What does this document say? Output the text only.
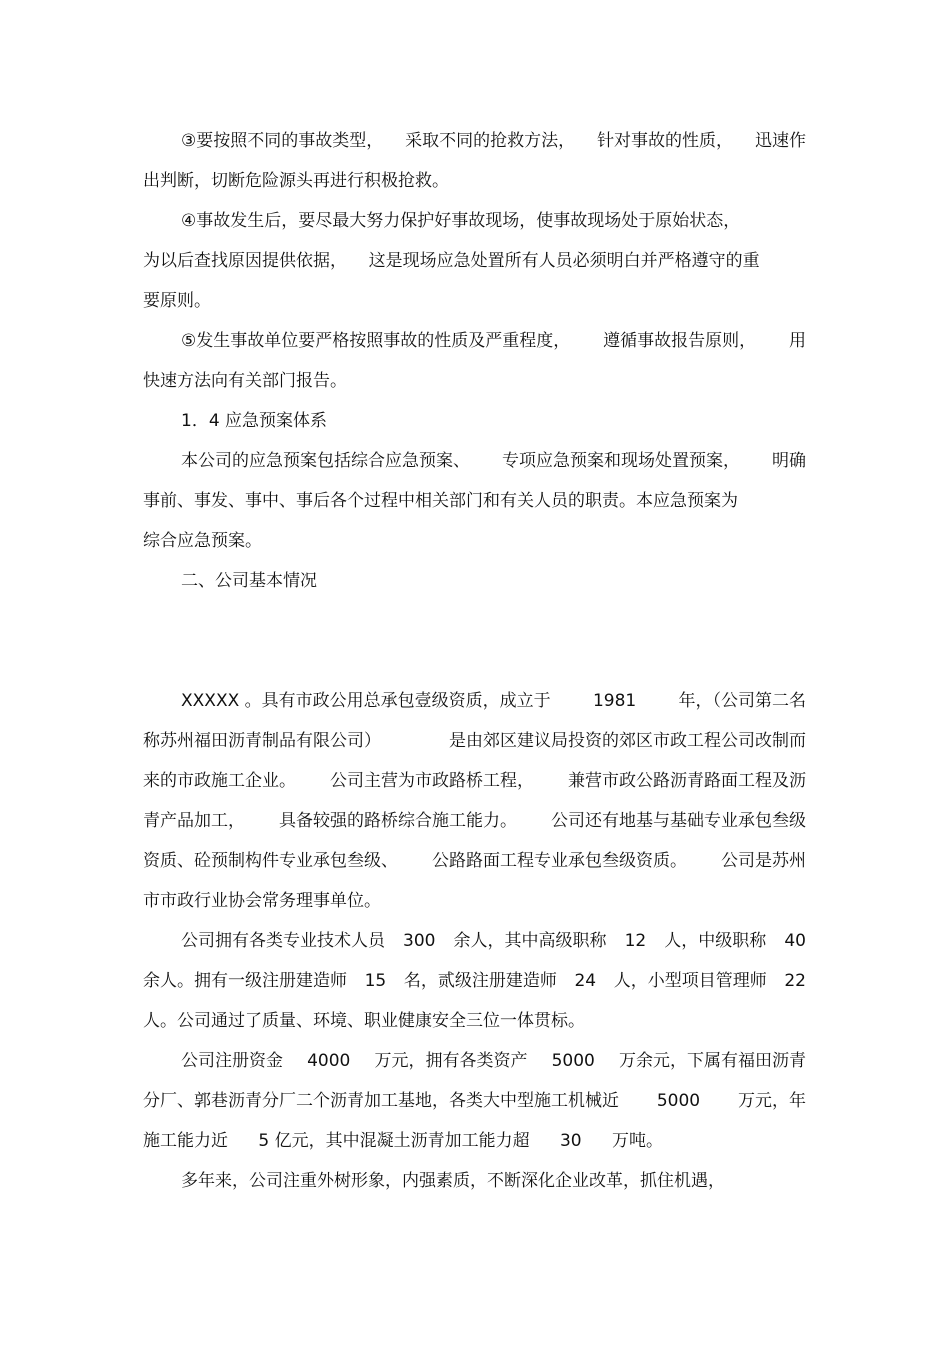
③要按照不同的事故类型， 采取不同的抢救方法， 针对事故的性质， 迅速作

出判断，切断危险源头再进行积极抢救。

④事故发生后，要尽最大努力保护好事故现场，使事故现场处于原始状态，

为以后查找原因提供依据，    这是现场应急处置所有人员必须明白并严格遵守的重

要原则。

⑤发生事故单位要严格按照事故的性质及严重程度， 遵循事故报告原则， 用

快速方法向有关部门报告。

1．4 应急预案体系

本公司的应急预案包括综合应急预案、 专项应急预案和现场处置预案， 明确

事前、事发、事中、事后各个过程中相关部门和有关人员的职责。本应急预案为

综合应急预案。

二、公司基本情况

XXXXX 。具有市政公用总承包壹级资质，成立于 1981 年，（公司第二名
称苏州福田沥青制品有限公司）	是由郊区建议局投资的郊区市政工程公司改制而
来的市政施工企业。 公司主营为市政路桥工程， 兼营市政公路沥青路面工程及沥
青产品加工， 具备较强的路桥综合施工能力。 公司还有地基与基础专业承包叁级
资质、砼预制构件专业承包叁级、 公路路面工程专业承包叁级资质。 公司是苏州

市市政行业协会常务理事单位。

公司拥有各类专业技术人员 300 余人，其中高级职称 12 人，中级职称 40
余人。拥有一级注册建造师 15 名，贰级注册建造师 24 人，小型项目管理师 22

人。公司通过了质量、环境、职业健康安全三位一体贯标。

公司注册资金 4000 万元，拥有各类资产 5000 万余元，下属有福田沥青
分厂、郭巷沥青分厂二个沥青加工基地，各类大中型施工机械近 5000 万元，年
施工能力近 5 亿元，其中混凝土沥青加工能力超 30 万吨。

多年来，公司注重外树形象，内强素质，不断深化企业改革，抓住机遇，
